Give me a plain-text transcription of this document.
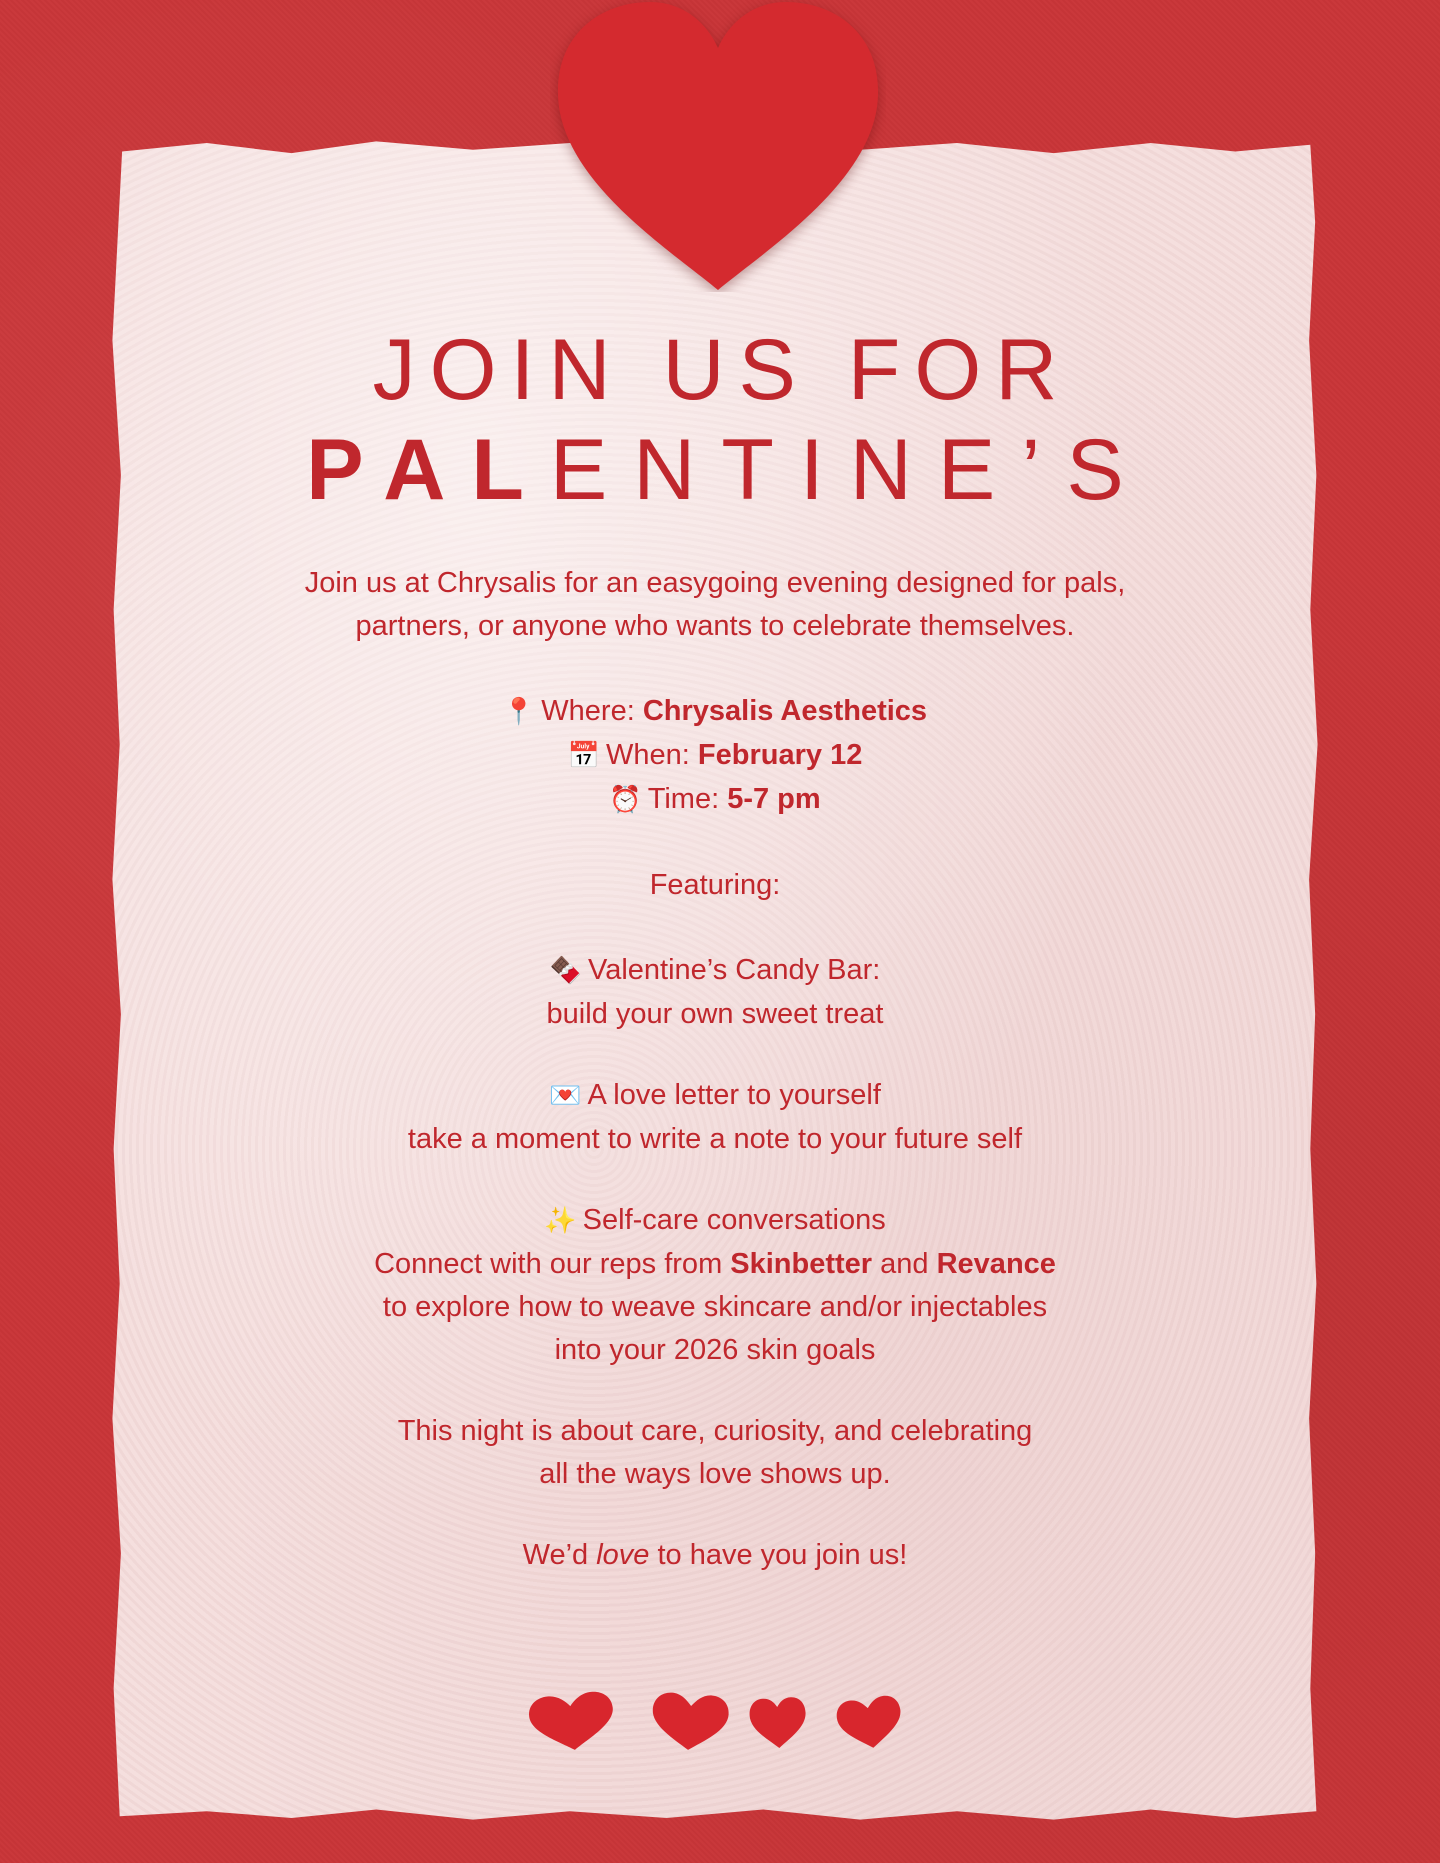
JOIN US FOR

PALENTINE’S

Join us at Chrysalis for an easygoing evening designed for pals,

partners, or anyone who wants to celebrate themselves.

📍 Where: Chrysalis Aesthetics

📅 When: February 12

⏰ Time: 5-7 pm

Featuring:

🍫 Valentine’s Candy Bar:

build your own sweet treat

💌 A love letter to yourself

take a moment to write a note to your future self

✨ Self-care conversations

Connect with our reps from Skinbetter and Revance

to explore how to weave skincare and/or injectables

into your 2026 skin goals

This night is about care, curiosity, and celebrating

all the ways love shows up.

We’d love to have you join us!
